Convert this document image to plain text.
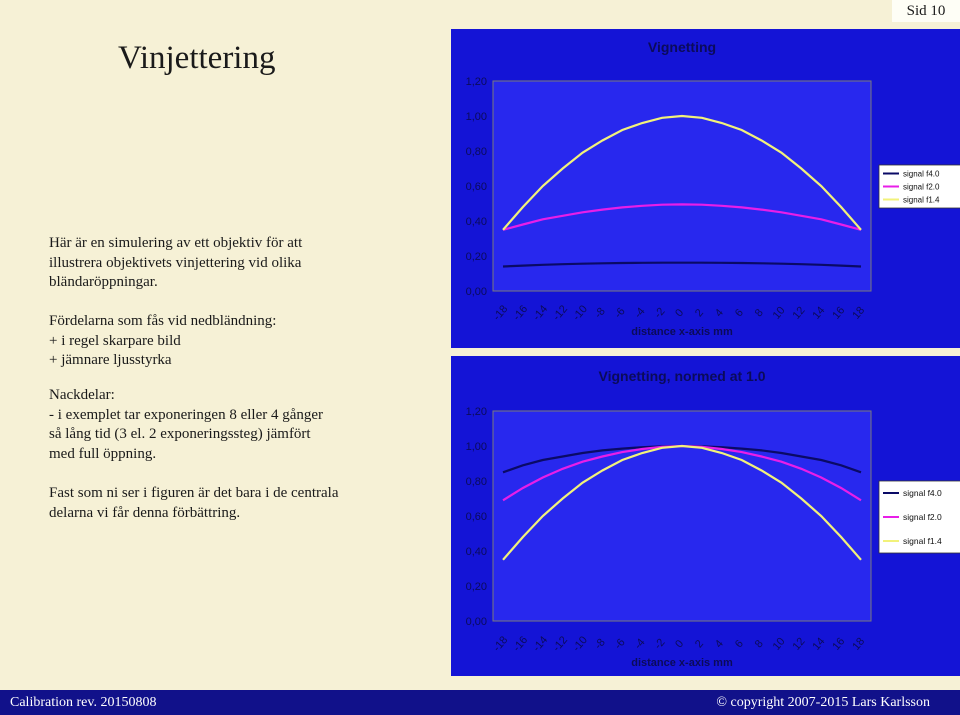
Sid 10
Vinjettering

Här är en simulering av ett objektiv för att illustrera objektivets vinjettering vid olika bländaröppningar.

Fördelarna som fås vid nedbländning:
+ i regel skarpare bild
+ jämnare ljusstyrka

Nackdelar:
- i exemplet tar exponeringen 8 eller 4 gånger så lång tid (3 el. 2 exponeringssteg) jämfört med full öppning.

Fast som ni ser i figuren är det bara i de centrala delarna vi får denna förbättring.

Vignetting
0,00
0,20
0,40
0,60
0,80
1,00
1,20
-18 -16 -14 -12 -10 -8 -6 -4 -2 0 2 4 6 8 10 12 14 16 18
distance x-axis mm
signal f4.0
signal f2.0
signal f1.4
Vignetting, normed at 1.0
0,00
0,20
0,40
0,60
0,80
1,00
1,20
-18 -16 -14 -12 -10 -8 -6 -4 -2 0 2 4 6 8 10 12 14 16 18
distance x-axis mm
signal f4.0
signal f2.0
signal f1.4
Calibration rev. 20150808	© copyright 2007-2015 Lars Karlsson
